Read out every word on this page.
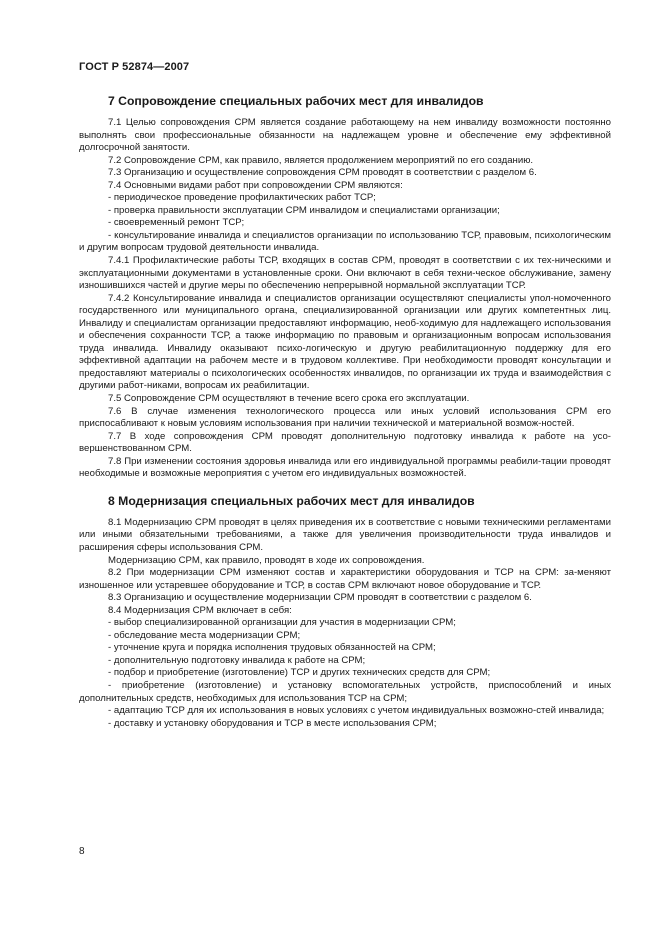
ГОСТ Р 52874—2007
7 Сопровождение специальных рабочих мест для инвалидов

7.1 Целью сопровождения СРМ является создание работающему на нем инвалиду возможности постоянно выполнять свои профессиональные обязанности на надлежащем уровне и обеспечение ему эффективной долгосрочной занятости.

7.2 Сопровождение СРМ, как правило, является продолжением мероприятий по его созданию.

7.3 Организацию и осуществление сопровождения СРМ проводят в соответствии с разделом 6.

7.4 Основными видами работ при сопровождении СРМ являются:

- периодическое проведение профилактических работ ТСР;

- проверка правильности эксплуатации СРМ инвалидом и специалистами организации;

- своевременный ремонт ТСР;

- консультирование инвалида и специалистов организации по использованию ТСР, правовым, психологическим и другим вопросам трудовой деятельности инвалида.

7.4.1 Профилактические работы ТСР, входящих в состав СРМ, проводят в соответствии с их тех-ническими и эксплуатационными документами в установленные сроки. Они включают в себя техни-ческое обслуживание, замену изношившихся частей и другие меры по обеспечению непрерывной нормальной эксплуатации ТСР.

7.4.2 Консультирование инвалида и специалистов организации осуществляют специалисты упол-номоченного государственного или муниципального органа, специализированной организации или других компетентных лиц. Инвалиду и специалистам организации предоставляют информацию, необ-ходимую для надлежащего использования и обеспечения сохранности ТСР, а также информацию по правовым и организационным вопросам использования труда инвалида. Инвалиду оказывают психо-логическую и другую реабилитационную поддержку для его эффективной адаптации на рабочем месте и в трудовом коллективе. При необходимости проводят консультации и предоставляют материалы о психологических особенностях инвалидов, по организации их труда и взаимодействия с другими работ-никами, вопросам их реабилитации.

7.5 Сопровождение СРМ осуществляют в течение всего срока его эксплуатации.

7.6 В случае изменения технологического процесса или иных условий использования СРМ его приспосабливают к новым условиям использования при наличии технической и материальной возмож-ностей.

7.7 В ходе сопровождения СРМ проводят дополнительную подготовку инвалида к работе на усо-вершенствованном СРМ.

7.8 При изменении состояния здоровья инвалида или его индивидуальной программы реабили-тации проводят необходимые и возможные мероприятия с учетом его индивидуальных возможностей.

8 Модернизация специальных рабочих мест для инвалидов

8.1 Модернизацию СРМ проводят в целях приведения их в соответствие с новыми техническими регламентами или иными обязательными требованиями, а также для увеличения производительности труда инвалидов и расширения сферы использования СРМ.

Модернизацию СРМ, как правило, проводят в ходе их сопровождения.

8.2 При модернизации СРМ изменяют состав и характеристики оборудования и ТСР на СРМ: за-меняют изношенное или устаревшее оборудование и ТСР, в состав СРМ включают новое оборудование и ТСР.

8.3 Организацию и осуществление модернизации СРМ проводят в соответствии с разделом 6.

8.4 Модернизация СРМ включает в себя:

- выбор специализированной организации для участия в модернизации СРМ;

- обследование места модернизации СРМ;

- уточнение круга и порядка исполнения трудовых обязанностей на СРМ;

- дополнительную подготовку инвалида к работе на СРМ;

- подбор и приобретение (изготовление) ТСР и других технических средств для СРМ;

- приобретение (изготовление) и установку вспомогательных устройств, приспособлений и иных дополнительных средств, необходимых для использования ТСР на СРМ;

- адаптацию ТСР для их использования в новых условиях с учетом индивидуальных возможно-стей инвалида;

- доставку и установку оборудования и ТСР в месте использования СРМ;

8
